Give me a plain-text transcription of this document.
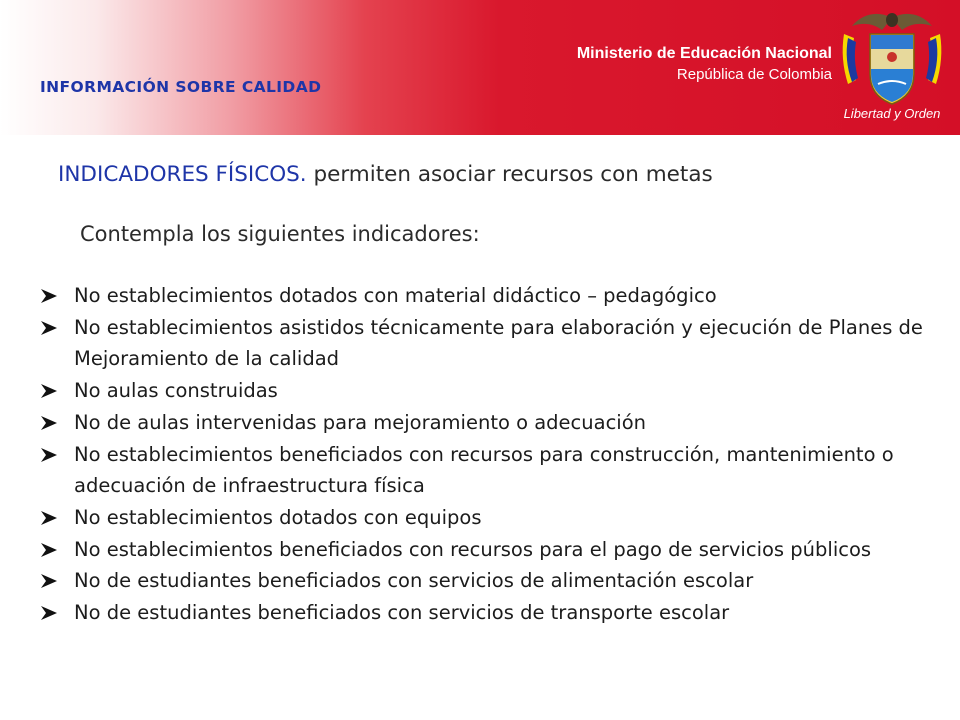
INFORMACIÓN SOBRE CALIDAD
Ministerio de Educación Nacional
República de Colombia
Libertad y Orden
INDICADORES FÍSICOS. permiten asociar recursos con metas
Contempla los siguientes indicadores:
No establecimientos dotados con material didáctico – pedagógico
No establecimientos asistidos técnicamente para elaboración y ejecución de Planes de Mejoramiento de la calidad
No aulas construidas
No de aulas intervenidas para mejoramiento o adecuación
No establecimientos beneficiados con recursos para construcción, mantenimiento o adecuación de infraestructura física
No establecimientos dotados con equipos
No establecimientos beneficiados con recursos para el pago de servicios públicos
No de estudiantes beneficiados con servicios de alimentación escolar
No de estudiantes beneficiados con servicios de transporte escolar
